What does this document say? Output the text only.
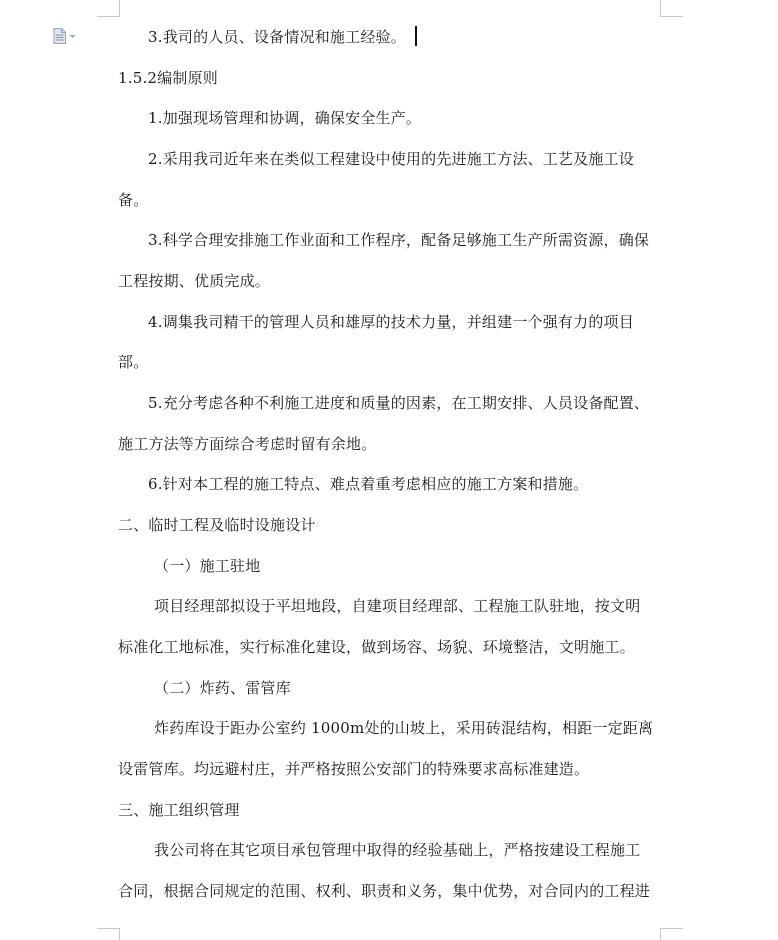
3.我司的人员、设备情况和施工经验。
1.5.2编制原则
1.加强现场管理和协调，确保安全生产。
2.采用我司近年来在类似工程建设中使用的先进施工方法、工艺及施工设
备。
3.科学合理安排施工作业面和工作程序，配备足够施工生产所需资源，确保
工程按期、优质完成。
4.调集我司精干的管理人员和雄厚的技术力量，并组建一个强有力的项目
部。
5.充分考虑各种不利施工进度和质量的因素，在工期安排、人员设备配置、
施工方法等方面综合考虑时留有余地。
6.针对本工程的施工特点、难点着重考虑相应的施工方案和措施。
二、临时工程及临时设施设计
（一）施工驻地
项目经理部拟设于平坦地段，自建项目经理部、工程施工队驻地，按文明
标准化工地标准，实行标准化建设，做到场容、场貌、环境整洁，文明施工。
（二）炸药、雷管库
炸药库设于距办公室约 1000m处的山坡上，采用砖混结构，相距一定距离
设雷管库。均远避村庄，并严格按照公安部门的特殊要求高标准建造。
三、施工组织管理
我公司将在其它项目承包管理中取得的经验基础上，严格按建设工程施工
合同，根据合同规定的范围、权利、职责和义务，集中优势，对合同内的工程进
